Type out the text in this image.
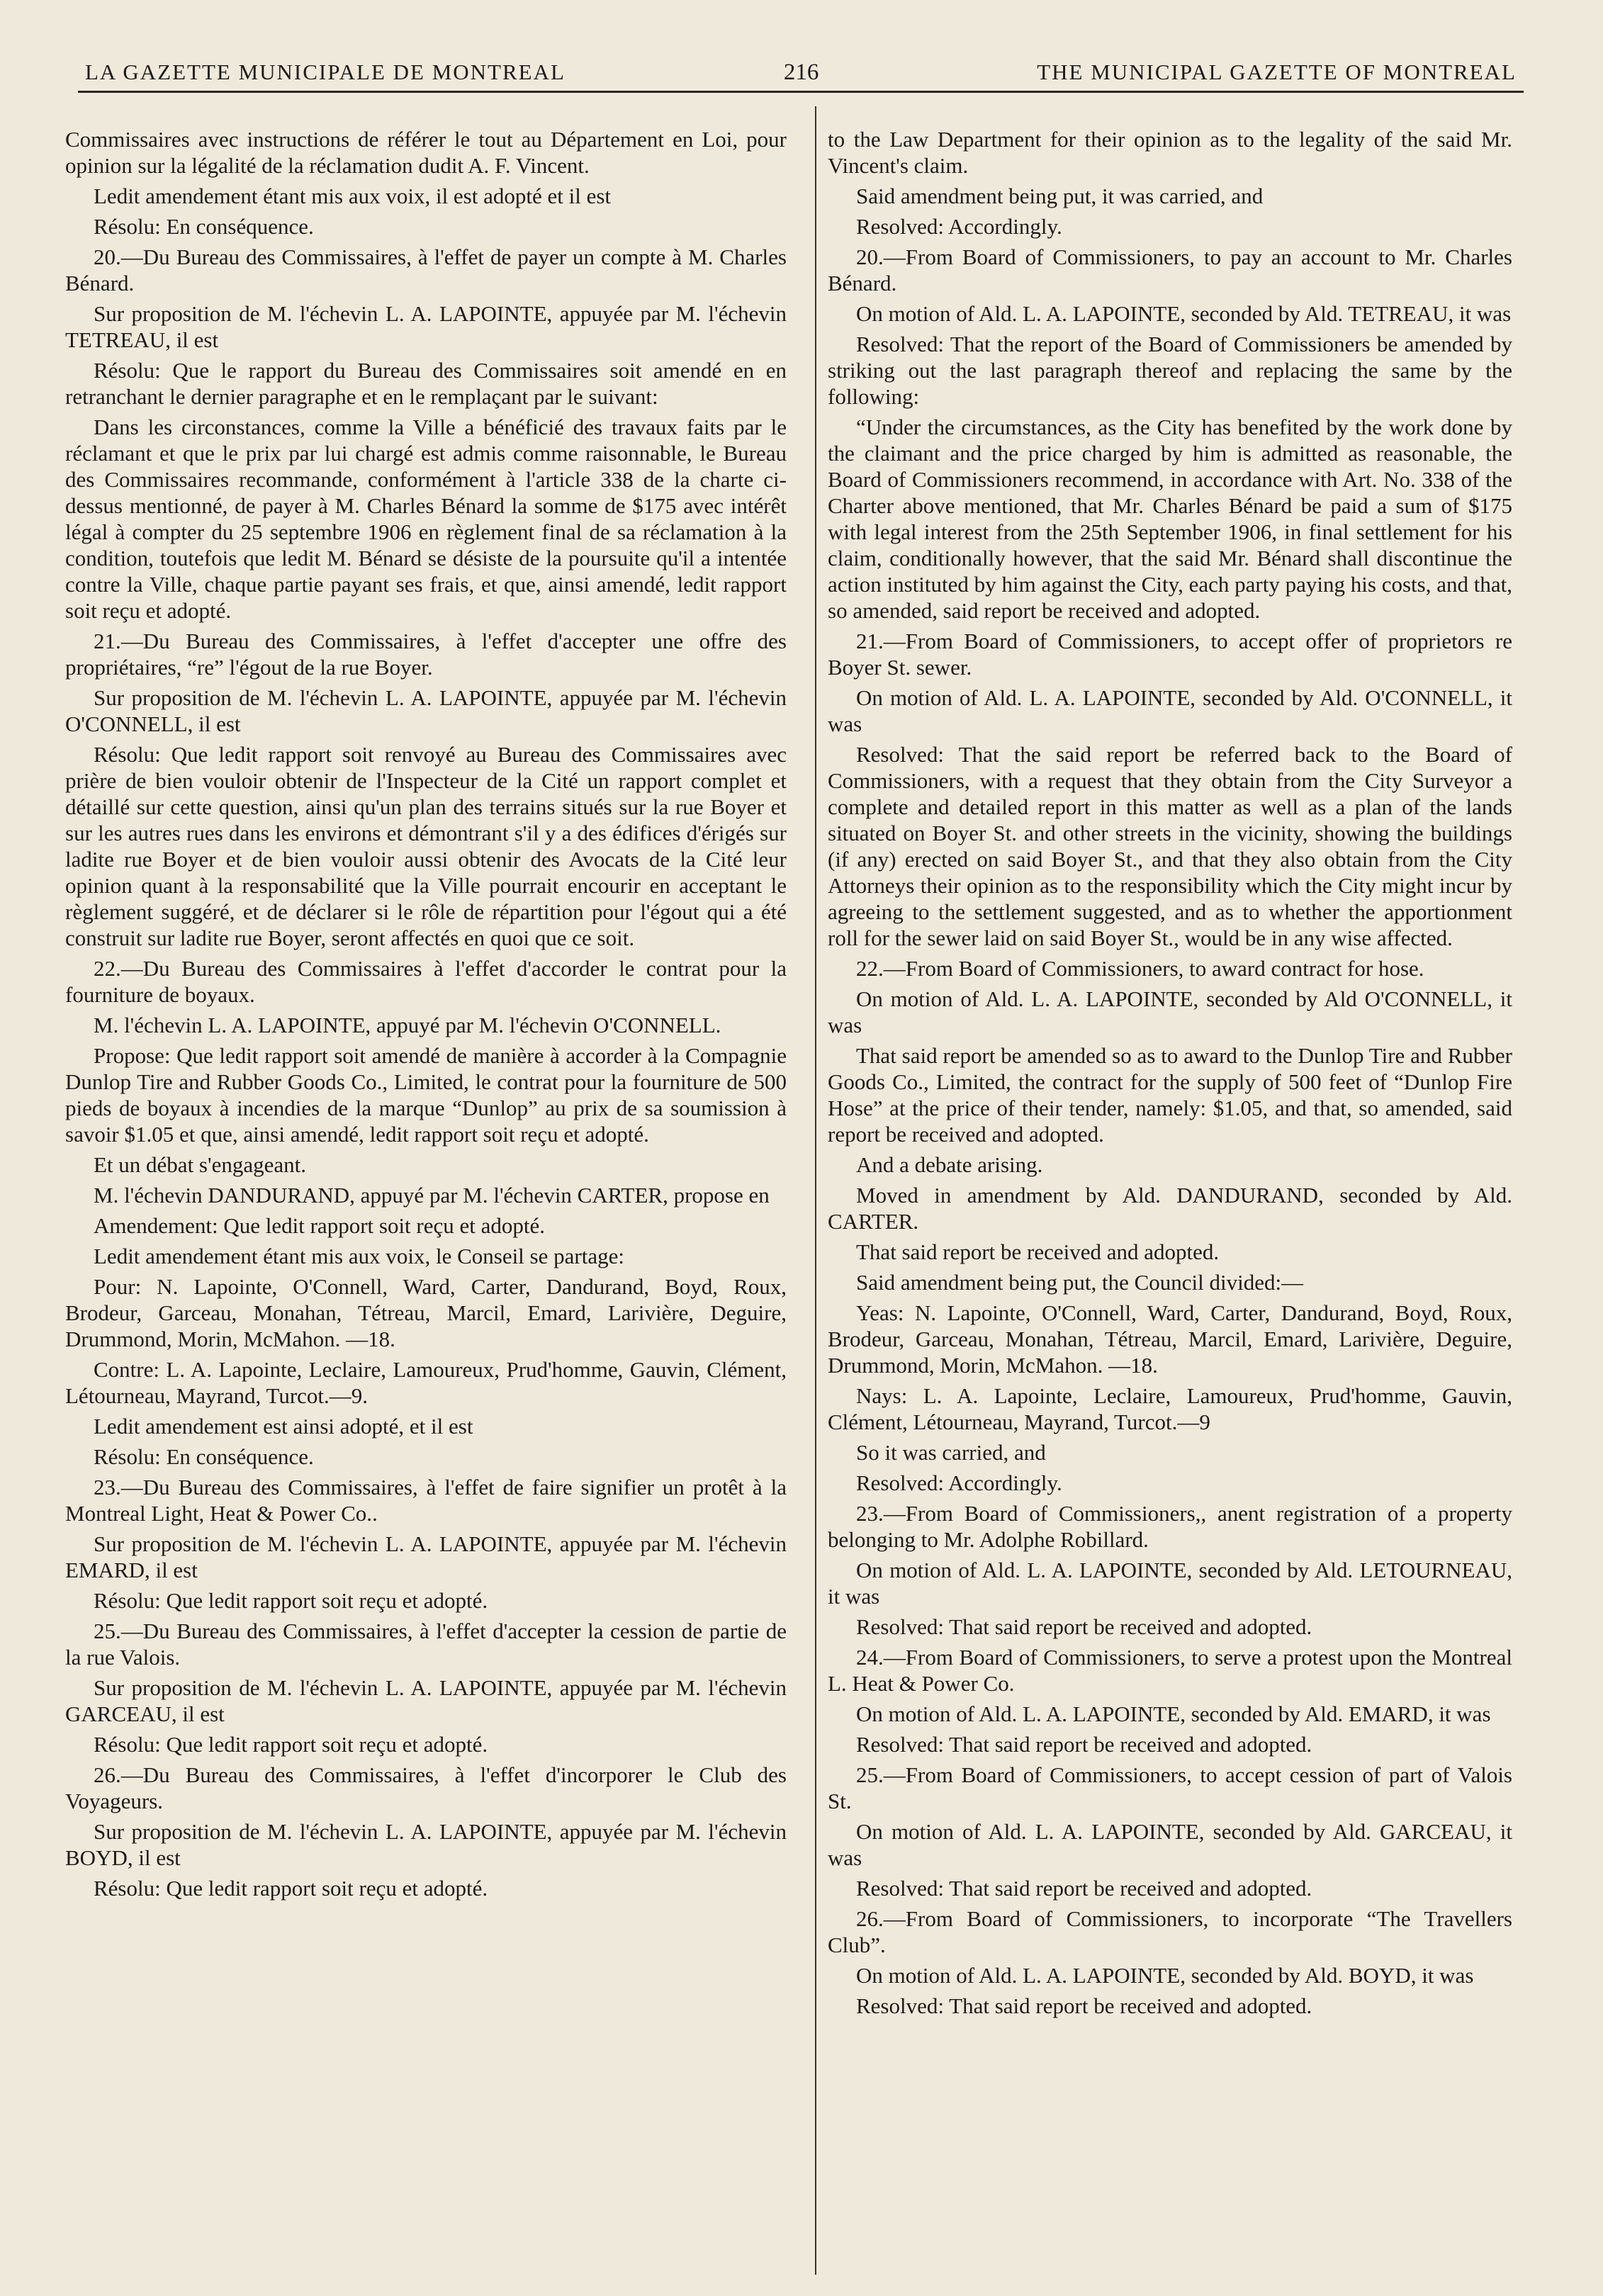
LA GAZETTE MUNICIPALE DE MONTREAL	216	THE MUNICIPAL GAZETTE OF MONTREAL

Commissaires avec instructions de référer le tout au Département en Loi, pour opinion sur la légalité de la réclamation dudit A. F. Vincent.

Ledit amendement étant mis aux voix, il est adopté et il est

Résolu: En conséquence.

20.—Du Bureau des Commissaires, à l'effet de payer un compte à M. Charles Bénard.

Sur proposition de M. l'échevin L. A. LAPOINTE, appuyée par M. l'échevin TETREAU, il est

Résolu: Que le rapport du Bureau des Commissaires soit amendé en en retranchant le dernier paragraphe et en le remplaçant par le suivant:

Dans les circonstances, comme la Ville a bénéficié des travaux faits par le réclamant et que le prix par lui chargé est admis comme raisonnable, le Bureau des Commissaires recommande, conformément à l'article 338 de la charte ci-dessus mentionné, de payer à M. Charles Bénard la somme de $175 avec intérêt légal à compter du 25 septembre 1906 en règlement final de sa réclamation à la condition, toutefois que ledit M. Bénard se désiste de la poursuite qu'il a intentée contre la Ville, chaque partie payant ses frais, et que, ainsi amendé, ledit rapport soit reçu et adopté.

21.—Du Bureau des Commissaires, à l'effet d'accepter une offre des propriétaires, “re” l'égout de la rue Boyer.

Sur proposition de M. l'échevin L. A. LAPOINTE, appuyée par M. l'échevin O'CONNELL, il est

Résolu: Que ledit rapport soit renvoyé au Bureau des Commissaires avec prière de bien vouloir obtenir de l'Inspecteur de la Cité un rapport complet et détaillé sur cette question, ainsi qu'un plan des terrains situés sur la rue Boyer et sur les autres rues dans les environs et démontrant s'il y a des édifices d'érigés sur ladite rue Boyer et de bien vouloir aussi obtenir des Avocats de la Cité leur opinion quant à la responsabilité que la Ville pourrait encourir en acceptant le règlement suggéré, et de déclarer si le rôle de répartition pour l'égout qui a été construit sur ladite rue Boyer, seront affectés en quoi que ce soit.

22.—Du Bureau des Commissaires à l'effet d'accorder le contrat pour la fourniture de boyaux.

M. l'échevin L. A. LAPOINTE, appuyé par M. l'échevin O'CONNELL.

Propose: Que ledit rapport soit amendé de manière à accorder à la Compagnie Dunlop Tire and Rubber Goods Co., Limited, le contrat pour la fourniture de 500 pieds de boyaux à incendies de la marque “Dunlop” au prix de sa soumission à savoir $1.05 et que, ainsi amendé, ledit rapport soit reçu et adopté.

Et un débat s'engageant.

M. l'échevin DANDURAND, appuyé par M. l'échevin CARTER, propose en

Amendement: Que ledit rapport soit reçu et adopté.

Ledit amendement étant mis aux voix, le Conseil se partage:

Pour: N. Lapointe, O'Connell, Ward, Carter, Dandurand, Boyd, Roux, Brodeur, Garceau, Monahan, Tétreau, Marcil, Emard, Larivière, Deguire, Drummond, Morin, McMahon. —18.

Contre: L. A. Lapointe, Leclaire, Lamoureux, Prud'homme, Gauvin, Clément, Létourneau, Mayrand, Turcot.—9.

Ledit amendement est ainsi adopté, et il est

Résolu: En conséquence.

23.—Du Bureau des Commissaires, à l'effet de faire signifier un protêt à la Montreal Light, Heat & Power Co..

Sur proposition de M. l'échevin L. A. LAPOINTE, appuyée par M. l'échevin EMARD, il est

Résolu: Que ledit rapport soit reçu et adopté.

25.—Du Bureau des Commissaires, à l'effet d'accepter la cession de partie de la rue Valois.

Sur proposition de M. l'échevin L. A. LAPOINTE, appuyée par M. l'échevin GARCEAU, il est

Résolu: Que ledit rapport soit reçu et adopté.

26.—Du Bureau des Commissaires, à l'effet d'incorporer le Club des Voyageurs.

Sur proposition de M. l'échevin L. A. LAPOINTE, appuyée par M. l'échevin BOYD, il est

Résolu: Que ledit rapport soit reçu et adopté.

to the Law Department for their opinion as to the legality of the said Mr. Vincent's claim.

Said amendment being put, it was carried, and

Resolved: Accordingly.

20.—From Board of Commissioners, to pay an account to Mr. Charles Bénard.

On motion of Ald. L. A. LAPOINTE, seconded by Ald. TETREAU, it was

Resolved: That the report of the Board of Commissioners be amended by striking out the last paragraph thereof and replacing the same by the following:

“Under the circumstances, as the City has benefited by the work done by the claimant and the price charged by him is admitted as reasonable, the Board of Commissioners recommend, in accordance with Art. No. 338 of the Charter above mentioned, that Mr. Charles Bénard be paid a sum of $175 with legal interest from the 25th September 1906, in final settlement for his claim, conditionally however, that the said Mr. Bénard shall discontinue the action instituted by him against the City, each party paying his costs, and that, so amended, said report be received and adopted.

21.—From Board of Commissioners, to accept offer of proprietors re Boyer St. sewer.

On motion of Ald. L. A. LAPOINTE, seconded by Ald. O'CONNELL, it was

Resolved: That the said report be referred back to the Board of Commissioners, with a request that they obtain from the City Surveyor a complete and detailed report in this matter as well as a plan of the lands situated on Boyer St. and other streets in the vicinity, showing the buildings (if any) erected on said Boyer St., and that they also obtain from the City Attorneys their opinion as to the responsibility which the City might incur by agreeing to the settlement suggested, and as to whether the apportionment roll for the sewer laid on said Boyer St., would be in any wise affected.

22.—From Board of Commissioners, to award contract for hose.

On motion of Ald. L. A. LAPOINTE, seconded by Ald O'CONNELL, it was

That said report be amended so as to award to the Dunlop Tire and Rubber Goods Co., Limited, the contract for the supply of 500 feet of “Dunlop Fire Hose” at the price of their tender, namely: $1.05, and that, so amended, said report be received and adopted.

And a debate arising.

Moved in amendment by Ald. DANDURAND, seconded by Ald. CARTER.

That said report be received and adopted.

Said amendment being put, the Council divided:—

Yeas: N. Lapointe, O'Connell, Ward, Carter, Dandurand, Boyd, Roux, Brodeur, Garceau, Monahan, Tétreau, Marcil, Emard, Larivière, Deguire, Drummond, Morin, McMahon. —18.

Nays: L. A. Lapointe, Leclaire, Lamoureux, Prud'homme, Gauvin, Clément, Létourneau, Mayrand, Turcot.—9

So it was carried, and

Resolved: Accordingly.

23.—From Board of Commissioners,, anent registration of a property belonging to Mr. Adolphe Robillard.

On motion of Ald. L. A. LAPOINTE, seconded by Ald. LETOURNEAU, it was

Resolved: That said report be received and adopted.

24.—From Board of Commissioners, to serve a protest upon the Montreal L. Heat & Power Co.

On motion of Ald. L. A. LAPOINTE, seconded by Ald. EMARD, it was

Resolved: That said report be received and adopted.

25.—From Board of Commissioners, to accept cession of part of Valois St.

On motion of Ald. L. A. LAPOINTE, seconded by Ald. GARCEAU, it was

Resolved: That said report be received and adopted.

26.—From Board of Commissioners, to incorporate “The Travellers Club”.

On motion of Ald. L. A. LAPOINTE, seconded by Ald. BOYD, it was

Resolved: That said report be received and adopted.
